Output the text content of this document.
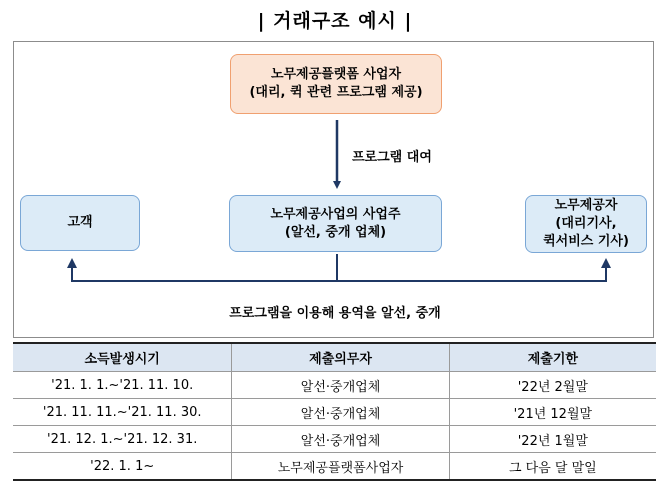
| 거래구조 예시 |
노무제공플랫폼 사업자
(대리, 퀵 관련 프로그램 제공)
프로그램 대여
고객
노무제공사업의 사업주
(알선, 중개 업체)
노무제공자
(대리기사,
퀵서비스 기사)
프로그램을 이용해 용역을 알선, 중개
소득발생시기	제출의무자	제출기한
'21. 1. 1.~'21. 11. 10.	알선·중개업체	'22년 2월말
'21. 11. 11.~'21. 11. 30.	알선·중개업체	'21년 12월말
'21. 12. 1.~'21. 12. 31.	알선·중개업체	'22년 1월말
'22. 1. 1~	노무제공플랫폼사업자	그 다음 달 말일
